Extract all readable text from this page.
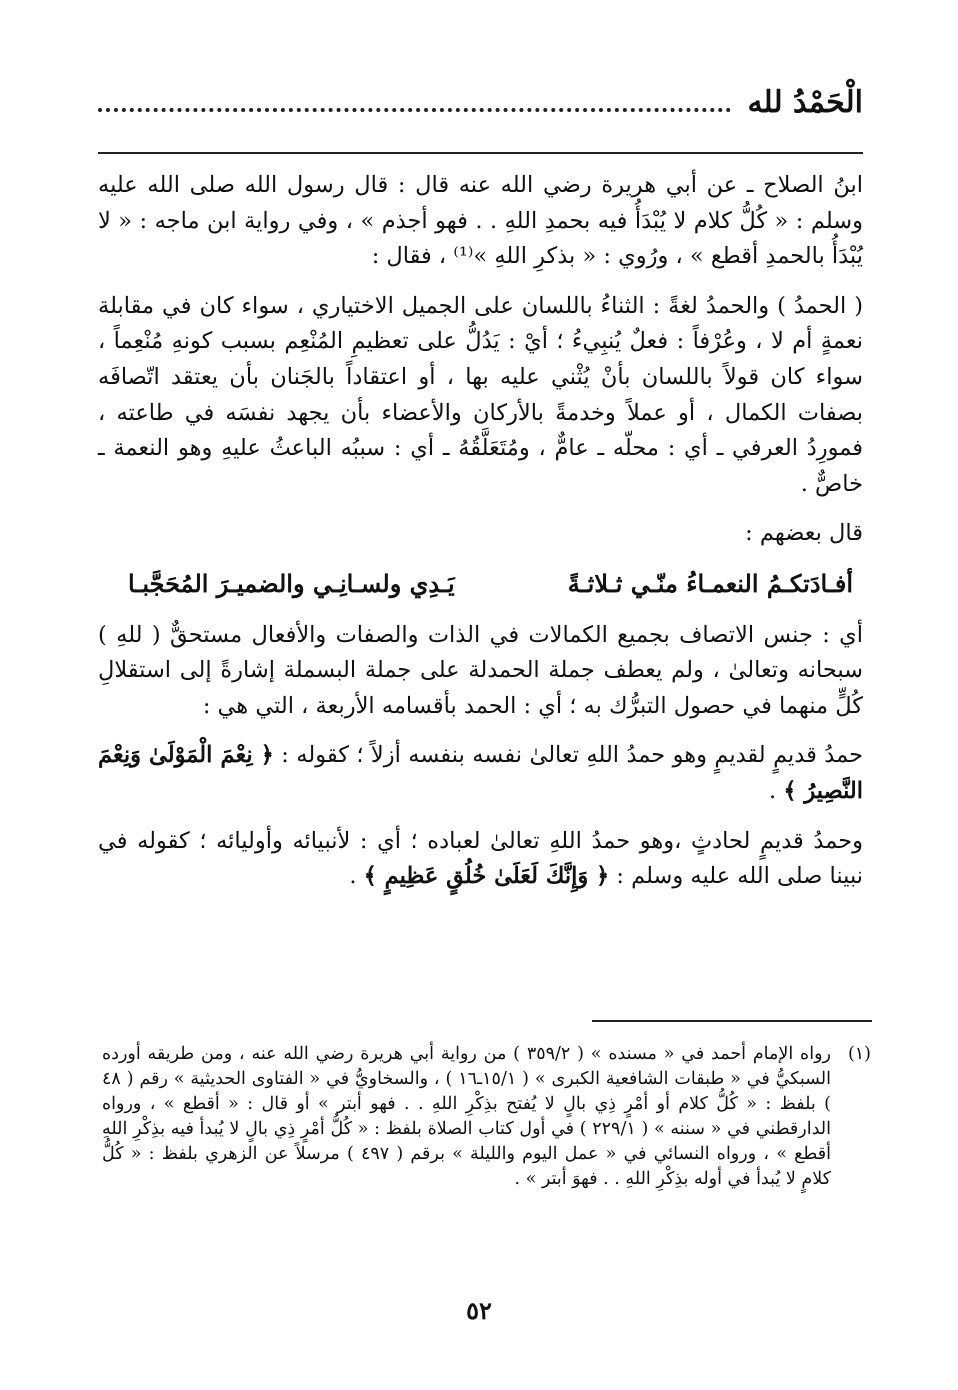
الْحَمْدُ لله

ابنُ الصلاح ـ عن أبي هريرة رضي الله عنه قال : قال رسول الله صلى الله عليه وسلم : « كُلُّ كلام لا يُبْدَأُ فيه بحمدِ اللهِ . . فهو أجذم » ، وفي رواية ابن ماجه : « لا يُبْدَأُ بالحمدِ أقطع » ، ورُوي : « بذكرِ اللهِ »⁽¹⁾ ، فقال :

( الحمدُ ) والحمدُ لغةً : الثناءُ باللسان على الجميل الاختياري ، سواء كان في مقابلة نعمةٍ أم لا ، وعُرْفاً : فعلٌ يُنبِيءُ ؛ أيْ : يَدُلُّ على تعظيمِ المُنْعِم بسبب كونهِ مُنْعِماً ، سواء كان قولاً باللسان بأنْ يُثْني عليه بها ، أو اعتقاداً بالجَنان بأن يعتقد اتّصافَه بصفات الكمال ، أو عملاً وخدمةً بالأركان والأعضاء بأن يجهد نفسَه في طاعته ، فمورِدُ العرفي ـ أي : محلّه ـ عامٌّ ، ومُتَعَلَّقُهُ ـ أي : سببُه الباعثُ عليهِ وهو النعمة ـ خاصٌّ .

قال بعضهم :

أفـادَتكـمُ النعمـاءُ منّـي ثـلاثـةً
يَـدِي ولسـانِـي والضميـرَ المُحَجَّبـا

أي : جنس الاتصاف بجميع الكمالات في الذات والصفات والأفعال مستحقٌّ ( للهِ ) سبحانه وتعالىٰ ، ولم يعطف جملة الحمدلة على جملة البسملة إشارةً إلى استقلالِ كُلٍّ منهما في حصول التبرُّك به ؛ أي : الحمد بأقسامه الأربعة ، التي هي :

حمدُ قديمٍ لقديمٍ وهو حمدُ اللهِ تعالىٰ نفسه بنفسه أزلاً ؛ كقوله : ﴿ نِعْمَ الْمَوْلَىٰ وَنِعْمَ النَّصِيرُ ﴾ .

وحمدُ قديمٍ لحادثٍ ،وهو حمدُ اللهِ تعالىٰ لعباده ؛ أي : لأنبيائه وأوليائه ؛ كقوله في نبينا صلى الله عليه وسلم : ﴿ وَإِنَّكَ لَعَلَىٰ خُلُقٍ عَظِيمٍ ﴾ .

(١)
رواه الإمام أحمد في « مسنده » ( ٣٥٩/٢ ) من رواية أبي هريرة رضي الله عنه ، ومن طريقه أورده السبكيُّ في « طبقات الشافعية الكبرى » ( ١٥/١ـ١٦ ) ، والسخاويُّ في « الفتاوى الحديثية » رقم ( ٤٨ ) بلفظ : « كُلُّ كلام أو أمْرٍ ذِي بالٍ لا يُفتح بذِكْرِ اللهِ . . فهو أبتر » أو قال : « أقطع » ، ورواه الدارقطني في « سننه » ( ٢٢٩/١ ) في أول كتاب الصلاة بلفظ : « كُلُّ أمْرٍ ذِي بالٍ لا يُبدأ فيه بذِكْرِ اللهِ أقطع » ، ورواه النسائي في « عمل اليوم والليلة » برقم ( ٤٩٧ ) مرسلاً عن الزهري بلفظ : « كُلُّ كلامٍ لا يُبدأ في أوله بذِكْرِ اللهِ . . فهوَ أبتر » .
٥٢
